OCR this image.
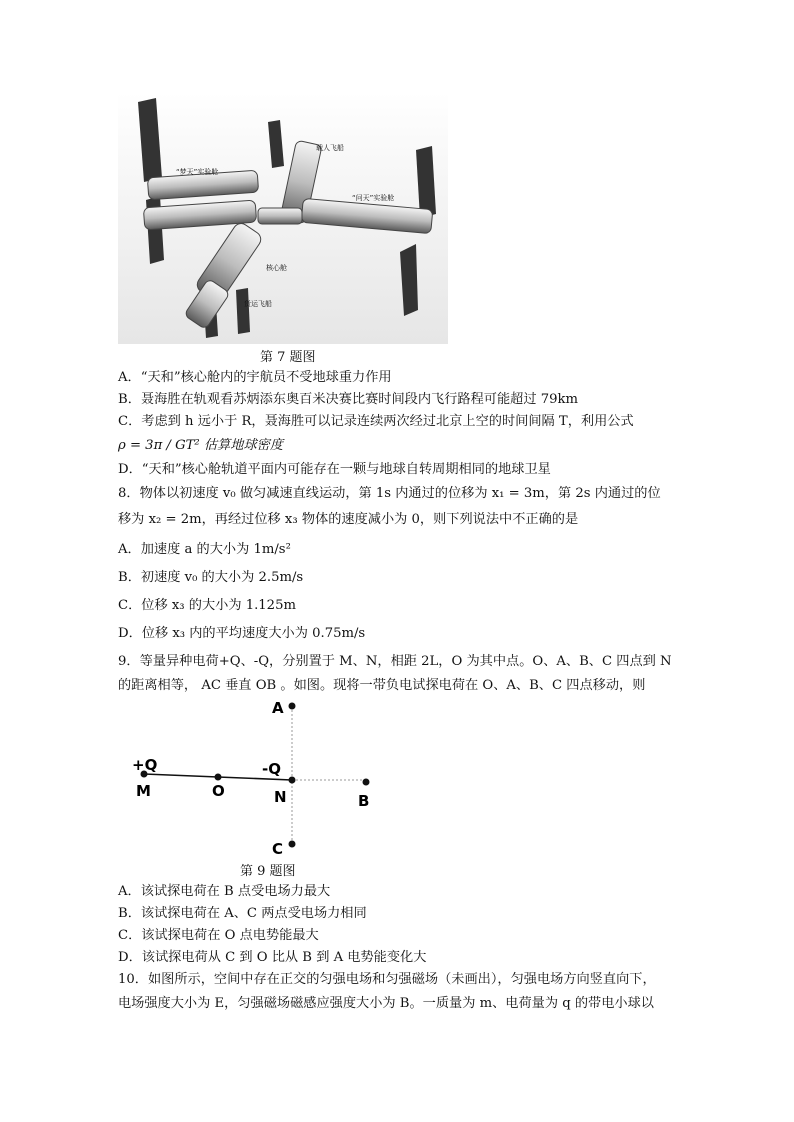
“梦天”实验舱
载人飞船
“问天”实验舱
核心舱
货运飞船
第 7 题图
A．“天和”核心舱内的宇航员不受地球重力作用
B．聂海胜在轨观看苏炳添东奥百米决赛比赛时间段内飞行路程可能超过 79km
C．考虑到 h 远小于 R，聂海胜可以记录连续两次经过北京上空的时间间隔 T，利用公式
ρ = 3π / GT² 估算地球密度
D．“天和”核心舱轨道平面内可能存在一颗与地球自转周期相同的地球卫星
8．物体以初速度 v₀ 做匀减速直线运动，第 1s 内通过的位移为 x₁ = 3m，第 2s 内通过的位
移为 x₂ = 2m，再经过位移 x₃ 物体的速度减小为 0，则下列说法中不正确的是
A．加速度 a 的大小为 1m/s²
B．初速度 v₀ 的大小为 2.5m/s
C．位移 x₃ 的大小为 1.125m
D．位移 x₃ 内的平均速度大小为 0.75m/s
9．等量异种电荷+Q、-Q，分别置于 M、N，相距 2L，O 为其中点。O、A、B、C 四点到 N
的距离相等， AC 垂直 OB 。如图。现将一带负电试探电荷在 O、A、B、C 四点移动，则
A
+Q	-Q
M	O	N	B
C
第 9 题图
A．该试探电荷在 B 点受电场力最大
B．该试探电荷在 A、C 两点受电场力相同
C．该试探电荷在 O 点电势能最大
D．该试探电荷从 C 到 O 比从 B 到 A 电势能变化大
10．如图所示，空间中存在正交的匀强电场和匀强磁场（未画出），匀强电场方向竖直向下，
电场强度大小为 E，匀强磁场磁感应强度大小为 B。一质量为 m、电荷量为 q 的带电小球以
